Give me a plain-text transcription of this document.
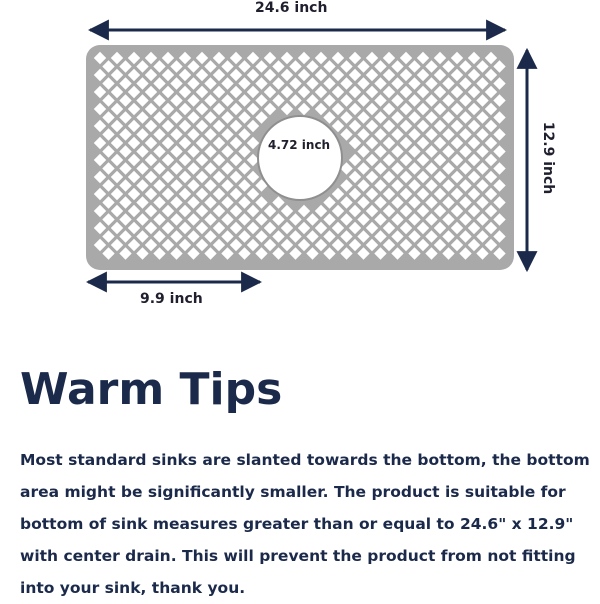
24.6 inch
12.9 inch
9.9 inch
4.72 inch
Warm Tips

Most standard sinks are slanted towards the bottom, the bottom area might be significantly smaller. The product is suitable for bottom of sink measures greater than or equal to 24.6" x 12.9" with center drain. This will prevent the product from not fitting into your sink, thank you.
